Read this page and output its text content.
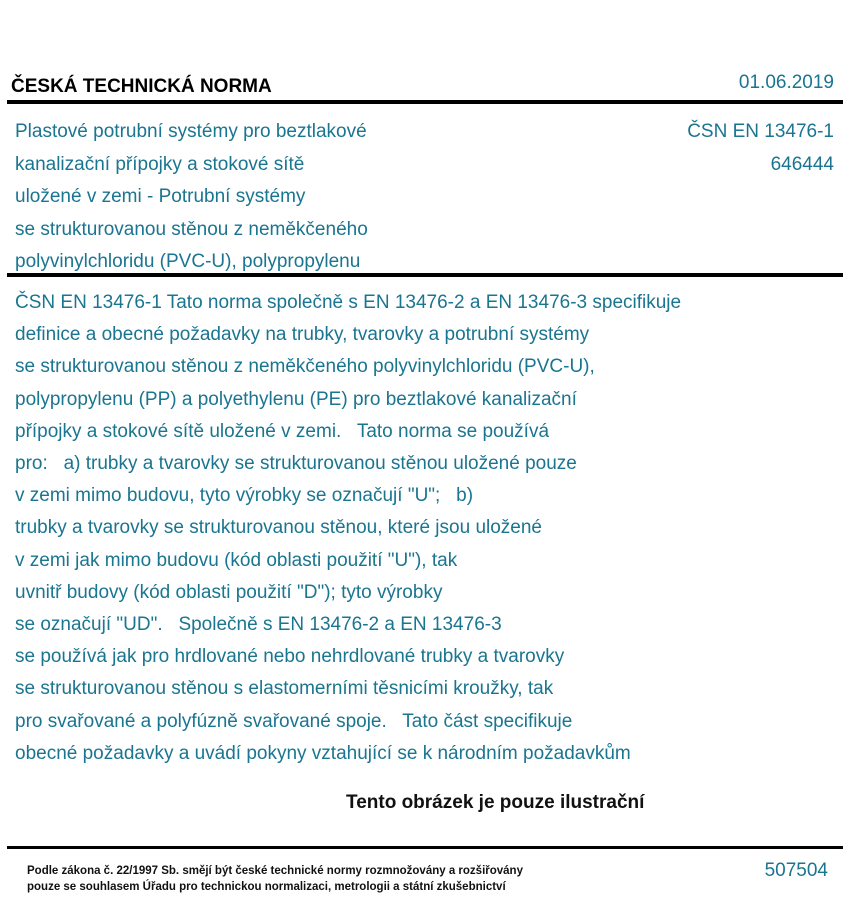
ČESKÁ TECHNICKÁ NORMA	01.06.2019
Plastové potrubní systémy pro beztlakové
kanalizační přípojky a stokové sítě
uložené v zemi - Potrubní systémy
se strukturovanou stěnou z neměkčeného
polyvinylchloridu (PVC-U), polypropylenu
ČSN EN 13476-1
646444
ČSN EN 13476-1 Tato norma společně s EN 13476-2 a EN 13476-3 specifikuje
definice a obecné požadavky na trubky, tvarovky a potrubní systémy
se strukturovanou stěnou z neměkčeného polyvinylchloridu (PVC-U),
polypropylenu (PP) a polyethylenu (PE) pro beztlakové kanalizační
přípojky a stokové sítě uložené v zemi.   Tato norma se používá
pro:   a) trubky a tvarovky se strukturovanou stěnou uložené pouze
v zemi mimo budovu, tyto výrobky se označují "U";   b)
trubky a tvarovky se strukturovanou stěnou, které jsou uložené
v zemi jak mimo budovu (kód oblasti použití "U"), tak
uvnitř budovy (kód oblasti použití "D"); tyto výrobky
se označují "UD".   Společně s EN 13476-2 a EN 13476-3
se používá jak pro hrdlované nebo nehrdlované trubky a tvarovky
se strukturovanou stěnou s elastomerními těsnicími kroužky, tak
pro svařované a polyfúzně svařované spoje.   Tato část specifikuje
obecné požadavky a uvádí pokyny vztahující se k národním požadavkům
Tento obrázek je pouze ilustrační
Podle zákona č. 22/1997 Sb. smějí být české technické normy rozmnožovány a rozšiřovány
pouze se souhlasem Úřadu pro technickou normalizaci, metrologii a státní zkušebnictví
507504
